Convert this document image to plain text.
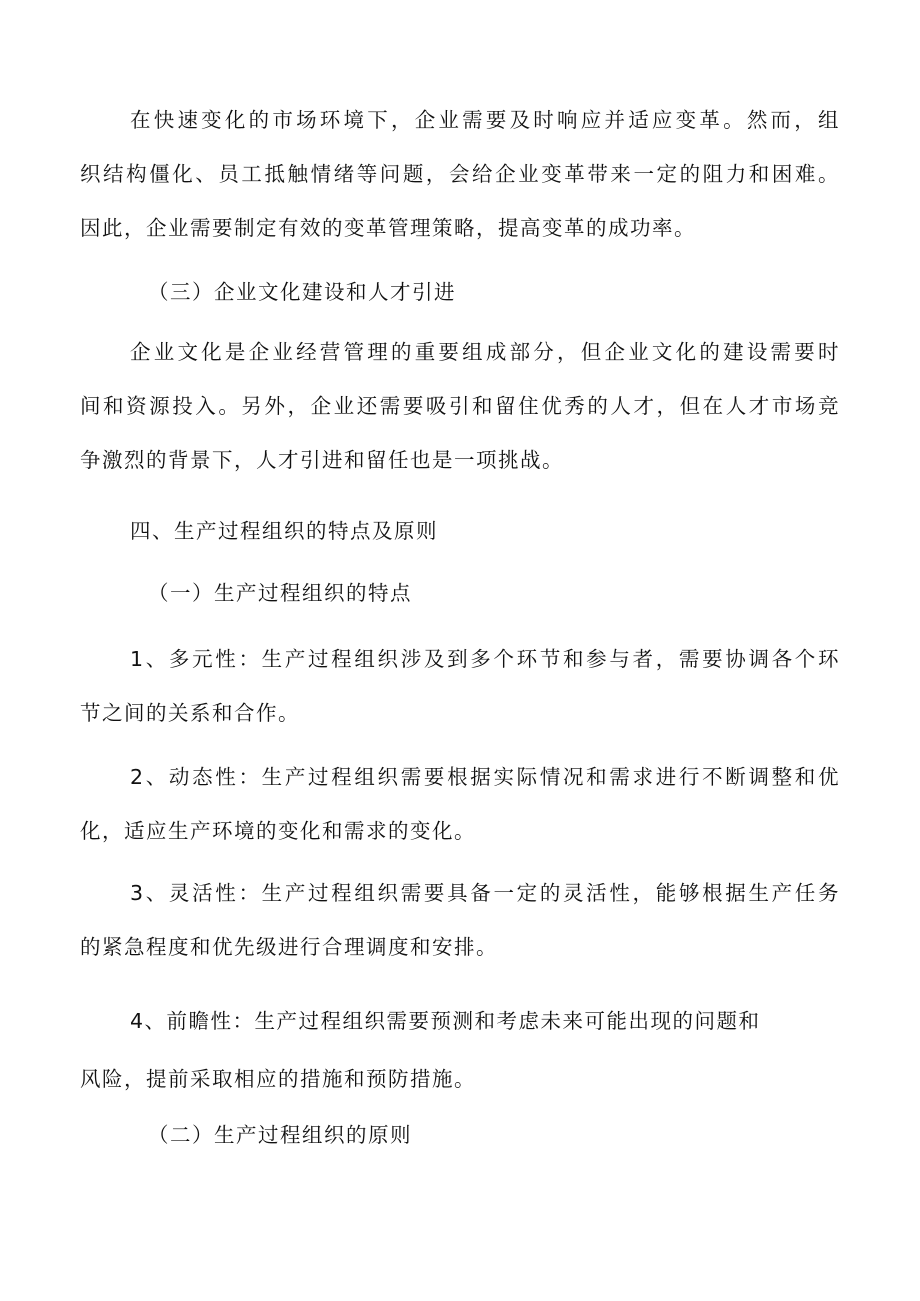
在快速变化的市场环境下，企业需要及时响应并适应变革。然而，组
织结构僵化、员工抵触情绪等问题，会给企业变革带来一定的阻力和困难。
因此，企业需要制定有效的变革管理策略，提高变革的成功率。
（三）企业文化建设和人才引进
企业文化是企业经营管理的重要组成部分，但企业文化的建设需要时
间和资源投入。另外，企业还需要吸引和留住优秀的人才，但在人才市场竞
争激烈的背景下，人才引进和留任也是一项挑战。
四、生产过程组织的特点及原则
（一）生产过程组织的特点
1、多元性：生产过程组织涉及到多个环节和参与者，需要协调各个环
节之间的关系和合作。
2、动态性：生产过程组织需要根据实际情况和需求进行不断调整和优
化，适应生产环境的变化和需求的变化。
3、灵活性：生产过程组织需要具备一定的灵活性，能够根据生产任务
的紧急程度和优先级进行合理调度和安排。
4、前瞻性：生产过程组织需要预测和考虑未来可能出现的问题和
风险，提前采取相应的措施和预防措施。
（二）生产过程组织的原则
